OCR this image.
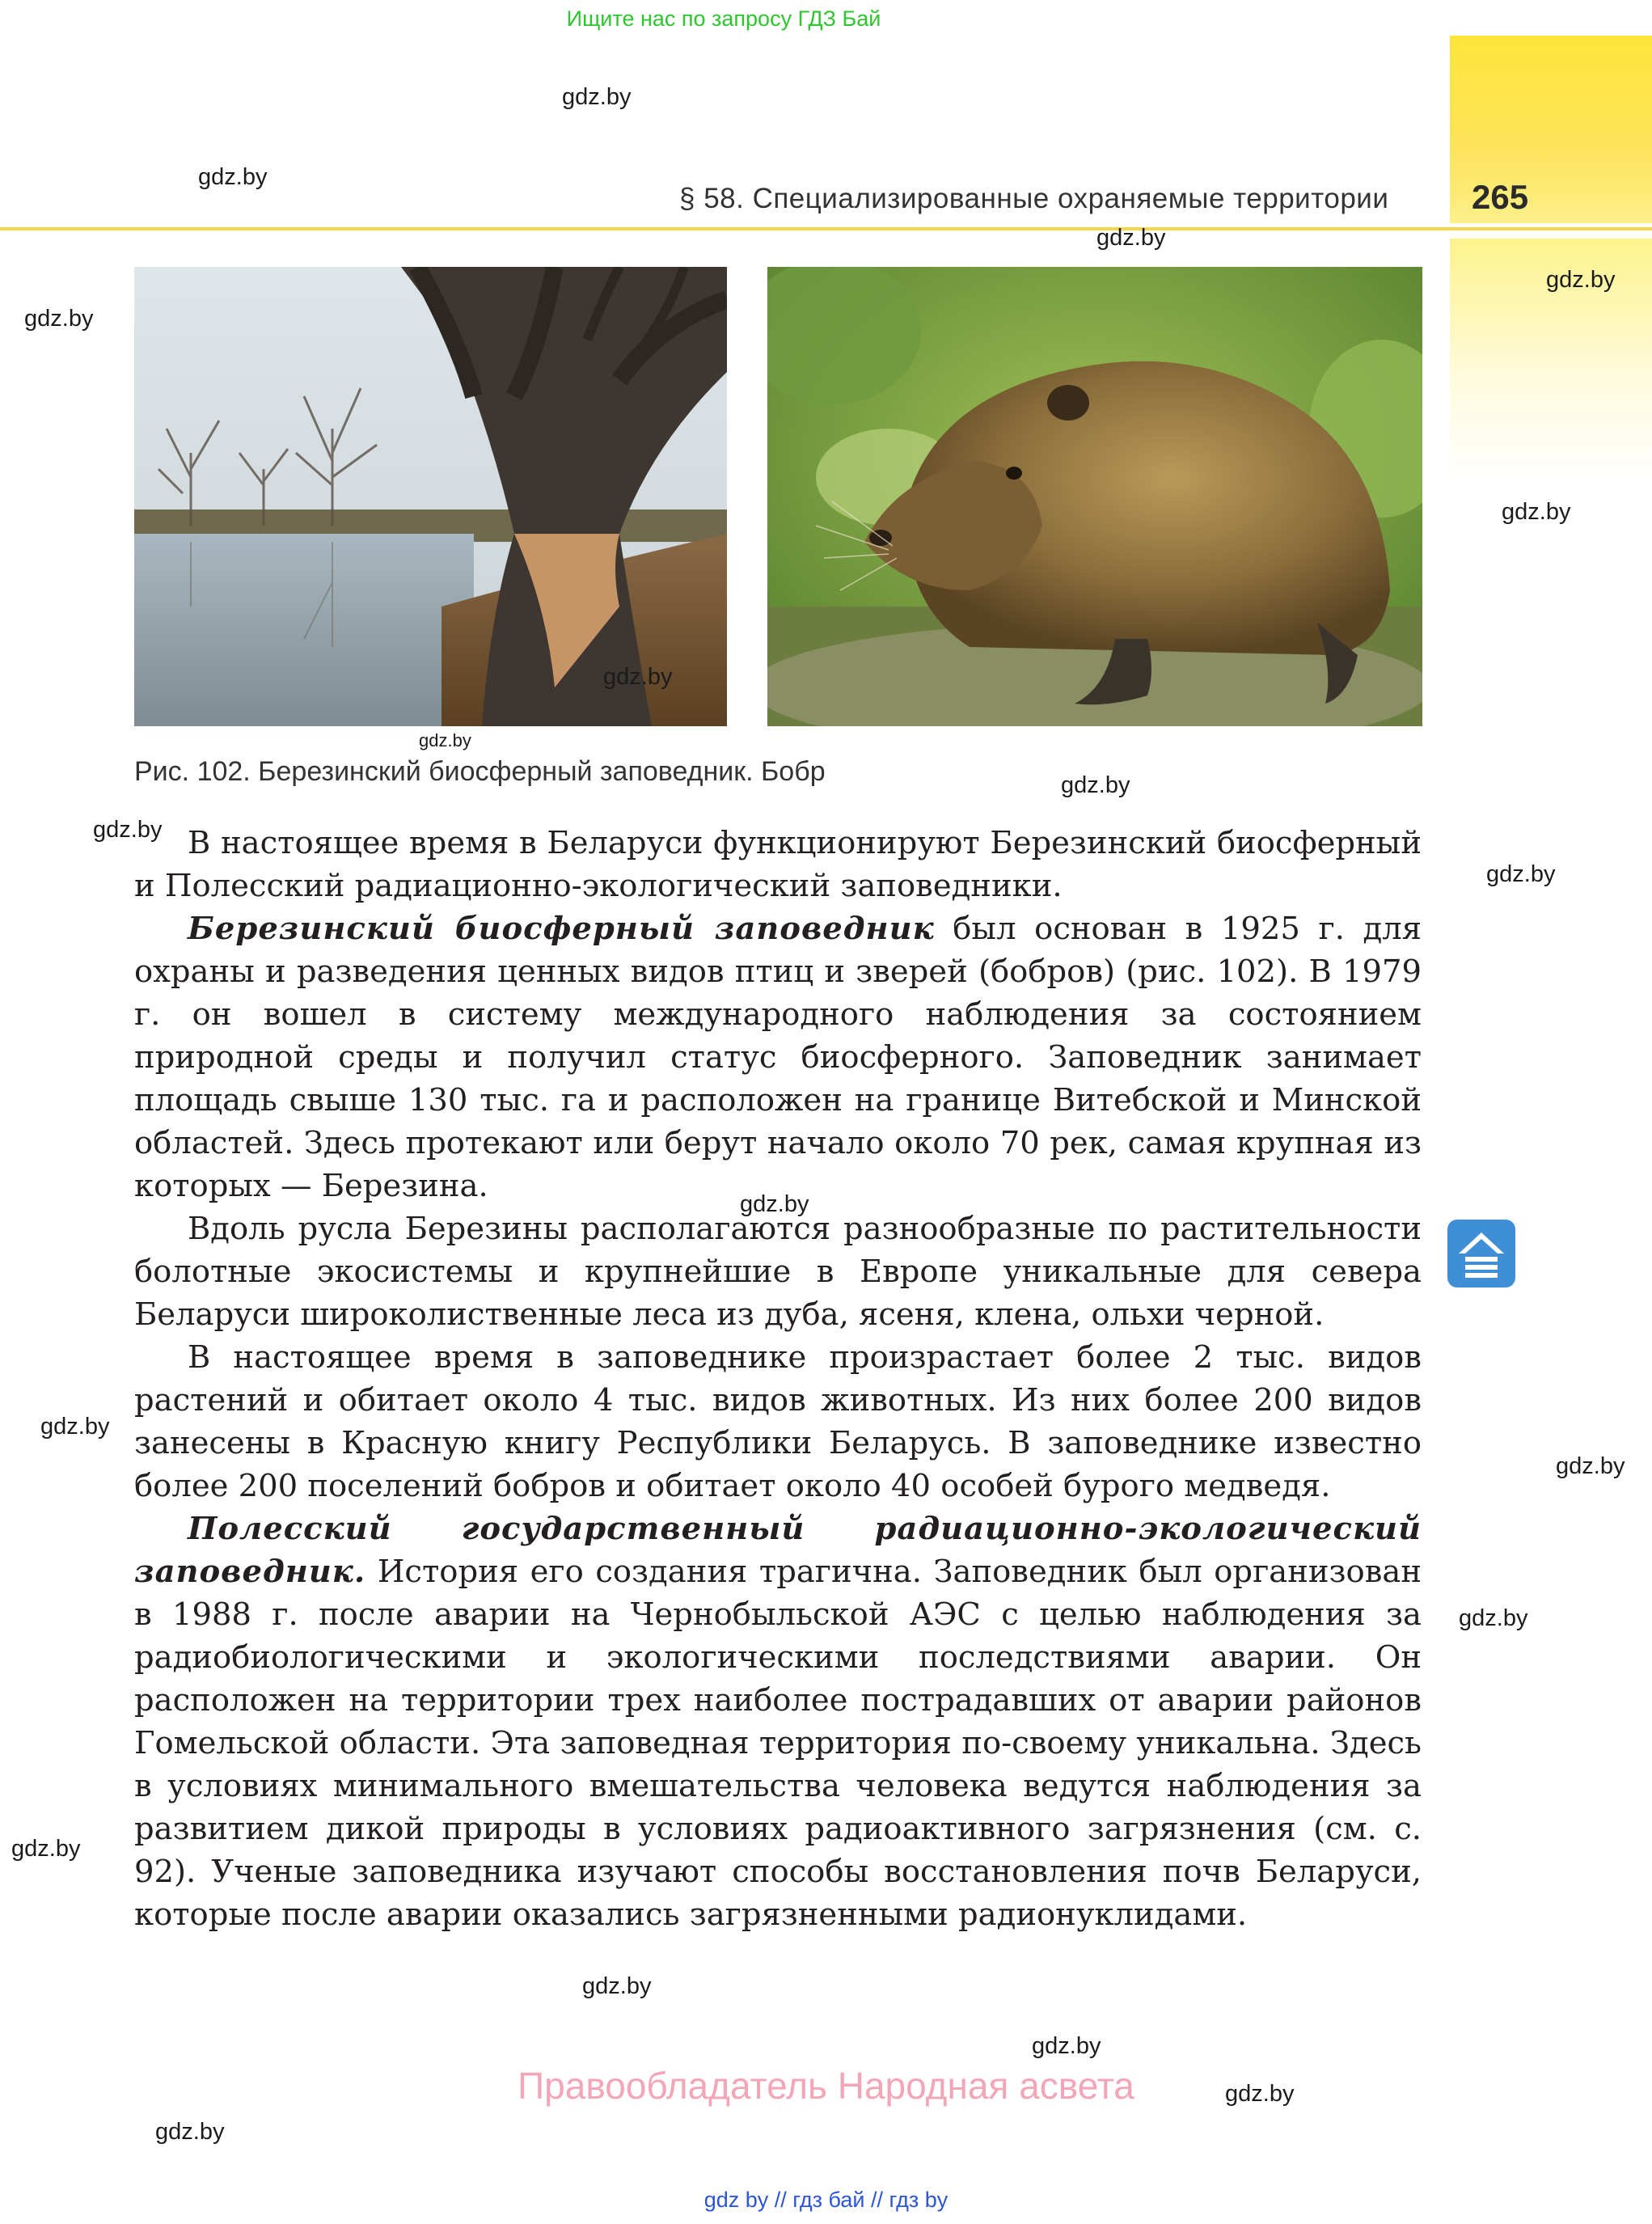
Ищите нас по запросу ГДЗ Бай
§ 58. Специализированные охраняемые территории 265
Рис. 102. Березинский биосферный заповедник. Бобр

В настоящее время в Беларуси функционируют Березинский биосферный и Полесский радиационно-экологический заповедники.

Березинский биосферный заповедник был основан в 1925 г. для охраны и разведения ценных видов птиц и зверей (бобров) (рис. 102). В 1979 г. он вошел в систему международного наблюдения за состоянием природной среды и получил статус биосферного. Заповедник занимает площадь свыше 130 тыс. га и расположен на границе Витебской и Минской областей. Здесь протекают или берут начало около 70 рек, самая крупная из которых — Березина.

Вдоль русла Березины располагаются разнообразные по растительности болотные экосистемы и крупнейшие в Европе уникальные для севера Беларуси широколиственные леса из дуба, ясеня, клена, ольхи черной.

В настоящее время в заповеднике произрастает более 2 тыс. видов растений и обитает около 4 тыс. видов животных. Из них более 200 видов занесены в Красную книгу Республики Беларусь. В заповеднике известно более 200 поселений бобров и обитает около 40 особей бурого медведя.

Полесский государственный радиационно-экологический заповедник. История его создания трагична. Заповедник был организован в 1988 г. после аварии на Чернобыльской АЭС с целью наблюдения за радиобиологическими и экологическими последствиями аварии. Он расположен на территории трех наиболее пострадавших от аварии районов Гомельской области. Эта заповедная территория по-своему уникальна. Здесь в условиях минимального вмешательства человека ведутся наблюдения за развитием дикой природы в условиях радиоактивного загрязнения (см. с. 92). Ученые заповедника изучают способы восстановления почв Беларуси, которые после аварии оказались загрязненными радионуклидами.

gdz.by
gdz.by
gdz.by
gdz.by
gdz.by
gdz.by
gdz.by
gdz.by
gdz.by
gdz.by
gdz.by
gdz.by
gdz.by
gdz.by
gdz.by
gdz.by
gdz.by
gdz.by
gdz.by
gdz.by
Правообладатель Народная асвета
gdz by // гдз бай // гдз by
